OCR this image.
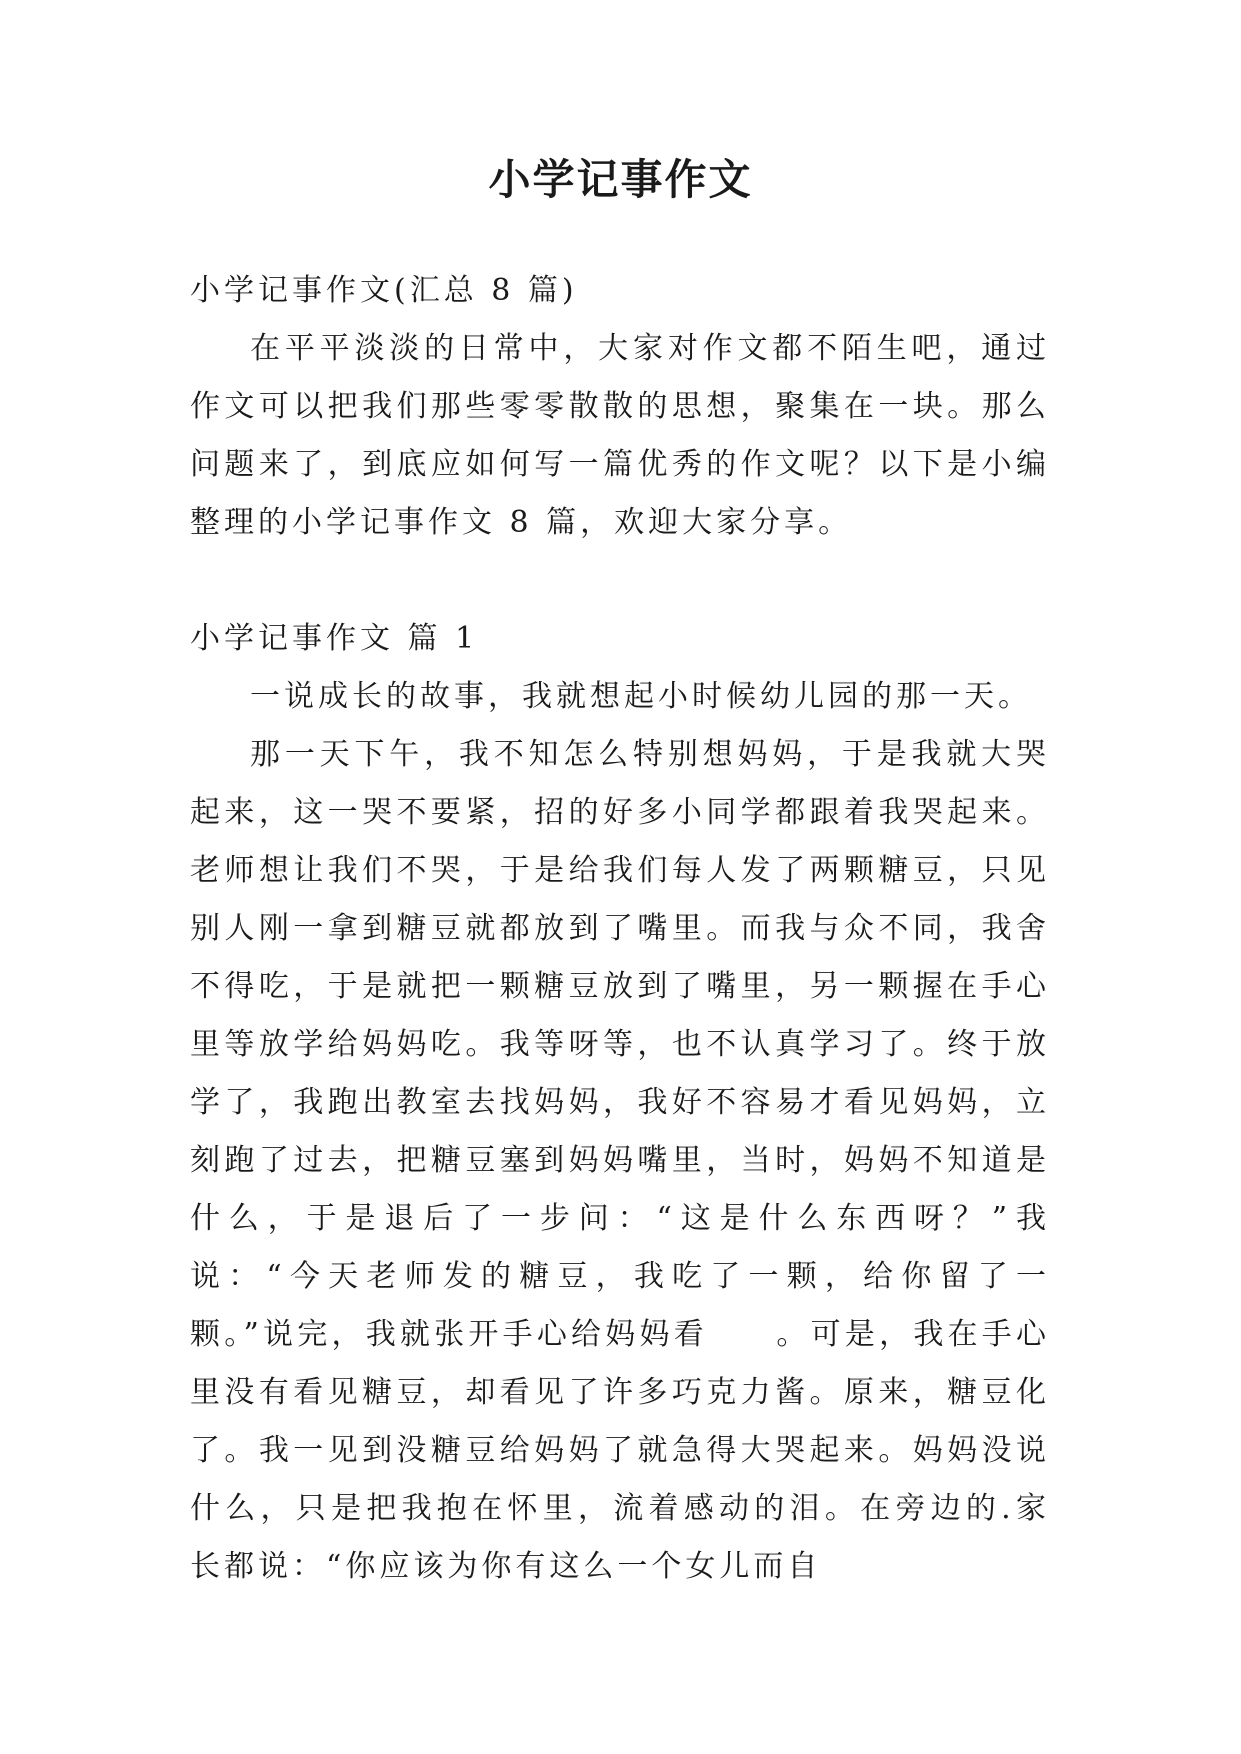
小学记事作文

小学记事作文(汇总 8 篇)

在平平淡淡的日常中，大家对作文都不陌生吧，通过作文可以把我们那些零零散散的思想，聚集在一块。那么问题来了，到底应如何写一篇优秀的作文呢？以下是小编整理的小学记事作文 8 篇，欢迎大家分享。

小学记事作文 篇 1

一说成长的故事，我就想起小时候幼儿园的那一天。

那一天下午，我不知怎么特别想妈妈，于是我就大哭起来，这一哭不要紧，招的好多小同学都跟着我哭起来。老师想让我们不哭，于是给我们每人发了两颗糖豆，只见别人刚一拿到糖豆就都放到了嘴里。而我与众不同，我舍不得吃，于是就把一颗糖豆放到了嘴里，另一颗握在手心里等放学给妈妈吃。我等呀等，也不认真学习了。终于放学了，我跑出教室去找妈妈，我好不容易才看见妈妈，立刻跑了过去，把糖豆塞到妈妈嘴里，当时，妈妈不知道是什么，于是退后了一步问：“这是什么东西呀？”我说：“今天老师发的糖豆，我吃了一颗，给你留了一颗。”说完，我就张开手心给妈妈看　　。可是，我在手心里没有看见糖豆，却看见了许多巧克力酱。原来，糖豆化了。我一见到没糖豆给妈妈了就急得大哭起来。妈妈没说什么，只是把我抱在怀里，流着感动的泪。在旁边的.家长都说：“你应该为你有这么一个女儿而自
